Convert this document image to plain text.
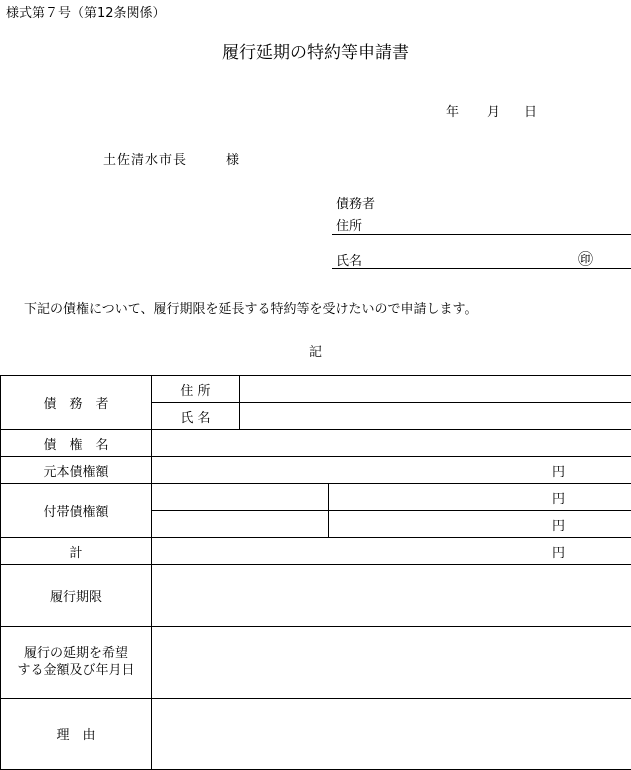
様式第７号（第12条関係）
履行延期の特約等申請書
年 月 日
土佐清水市長	様
債務者
住所
氏名	㊞
下記の債権について、履行期限を延長する特約等を受けたいので申請します。
記
債　務　者	住 所		
	氏 名		
債　権　名			
元本債権額	円		
付帯債権額			円
			円
計	円		
履行期限			

履行の延期を希望
する金額及び年月日			

理　由			
